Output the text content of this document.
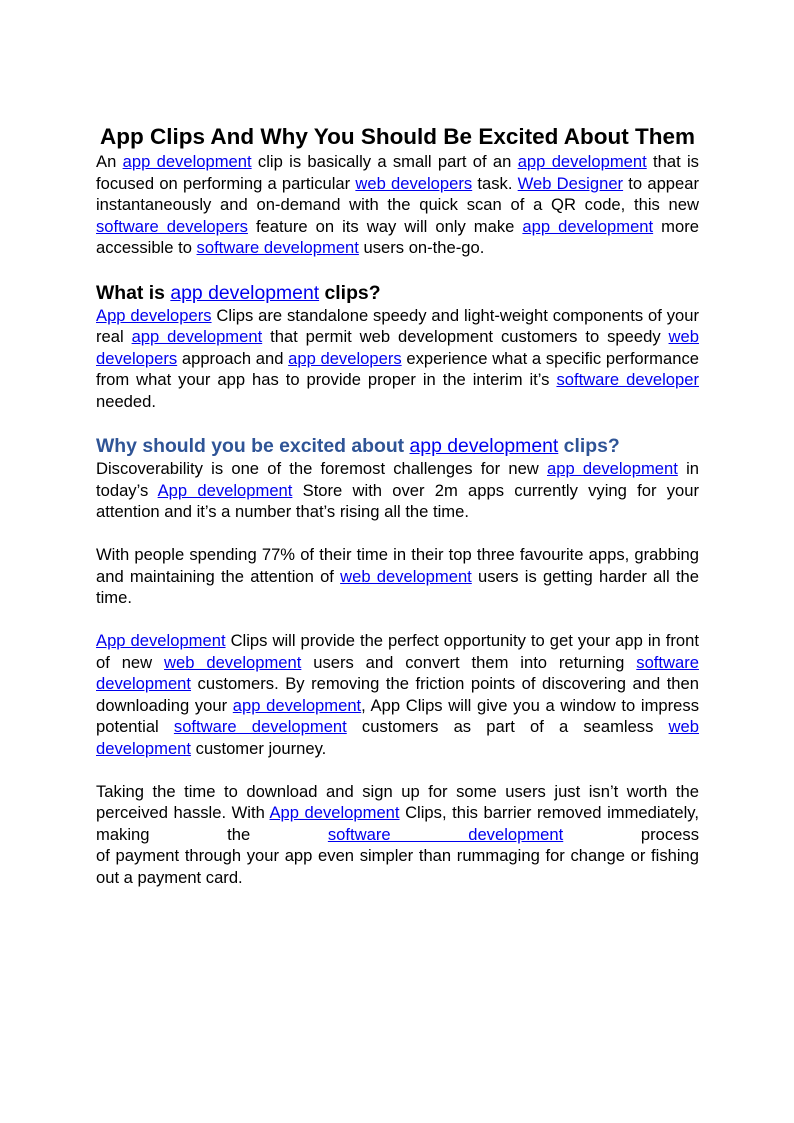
App Clips And Why You Should Be Excited About Them

An app development clip is basically a small part of an app development that is focused on performing a particular web developers task. Web Designer to appear instantaneously and on-demand with the quick scan of a QR code, this new software developers feature on its way will only make app development more accessible to software development users on-the-go.

What is app development clips?

App developers Clips are standalone speedy and light-weight components of your real app development that permit web development customers to speedy web developers approach and app developers experience what a specific performance from what your app has to provide proper in the interim it’s software developer needed.

Why should you be excited about app development clips?

Discoverability is one of the foremost challenges for new app development in today’s App development Store with over 2m apps currently vying for your attention and it’s a number that’s rising all the time.

With people spending 77% of their time in their top three favourite apps, grabbing and maintaining the attention of web development users is getting harder all the time.

App development Clips will provide the perfect opportunity to get your app in front of new web development users and convert them into returning software development customers. By removing the friction points of discovering and then downloading your app development, App Clips will give you a window to impress potential software development customers as part of a seamless web development customer journey.

Taking the time to download and sign up for some users just isn’t worth the perceived hassle. With App development Clips, this barrier removed immediately, making the software development process

of payment through your app even simpler than rummaging for change or fishing out a payment card.
